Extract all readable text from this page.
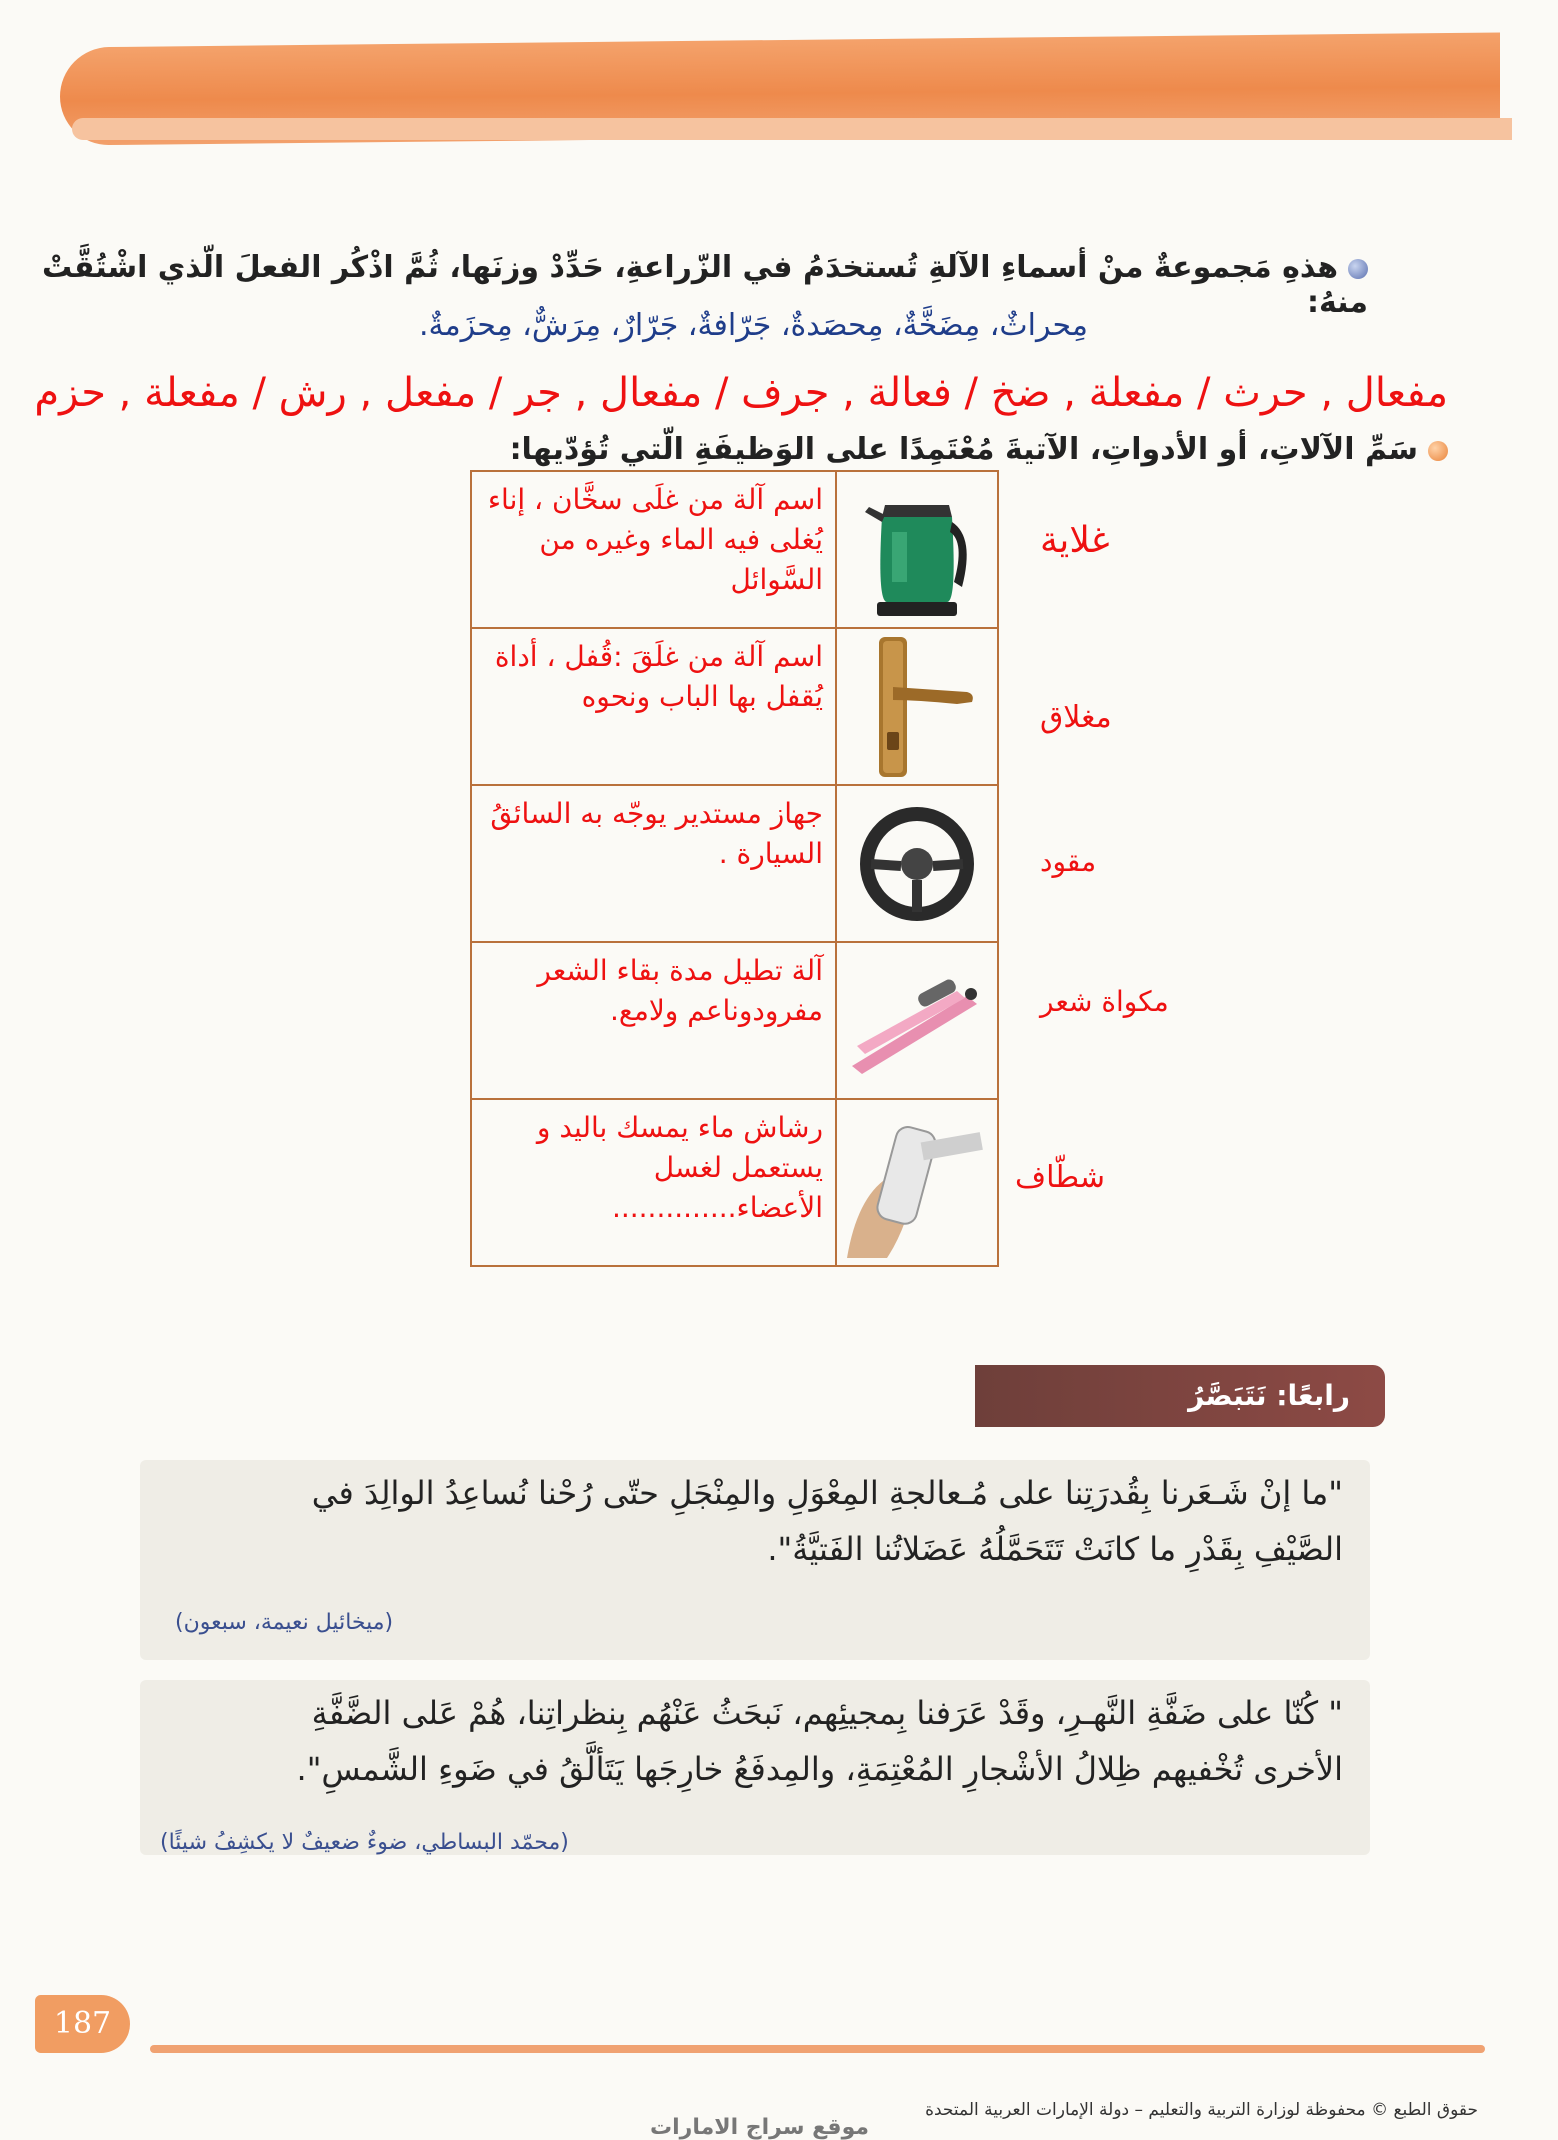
هذهِ مَجموعةٌ منْ أسماءِ الآلةِ تُستخدَمُ في الزّراعةِ، حَدِّدْ وزنَها، ثُمَّ اذْكُر الفعلَ الّذي اشْتُقَّتْ منهُ:
مِحراثٌ، مِضَخَّةٌ، مِحصَدةٌ، جَرّافةٌ، جَرّارٌ، مِرَشٌّ، مِحزَمةٌ.
مفعال , حرث / مفعلة , ضخ / فعالة , جرف / مفعال , جر / مفعل , رش / مفعلة , حزم
سَمِّ الآلاتِ، أو الأدواتِ، الآتيةَ مُعْتَمِدًا على الوَظيفَةِ الّتي تُؤدّيها:
اسم آلة من غلَى سخَّان ، إناء يُغلى فيه الماء وغيره من السَّوائل
اسم آلة من غلَقَ :قُفل ، أداة يُقفل بها الباب ونحوه
جهاز مستدير يوجّه به السائقُ السيارة .
آلة تطيل مدة بقاء الشعر مفرودوناعم ولامع.
رشاش ماء يمسك باليد و يستعمل لغسل الأعضاء..............
غلاية
مغلاق
مقود
مكواة شعر
شطّاف
رابعًا: نَتَبَصَّرُ
"ما إنْ شَـعَرنا بِقُدرَتِنا على مُـعالجةِ المِعْوَلِ والمِنْجَلِ حتّى رُحْنا نُساعِدُ الوالِدَ في الصَّيْفِ بِقَدْرِ ما كانَتْ تَتَحَمَّلُهُ عَضَلاتُنا الفَتيَّةُ".
(ميخائيل نعيمة، سبعون)
" كُنّا على ضَفَّةِ النَّهـرِ، وقَدْ عَرَفنا بِمجيئِهم، نَبحَثُ عَنْهُم بِنظراتِنا، هُمْ عَلى الضَّفَّةِ الأخرى تُخْفيهم ظِلالُ الأشْجارِ المُعْتِمَةِ، والمِدفَعُ خارِجَها يَتَألَّقُ في ضَوءِ الشَّمسِ".
(محمّد البساطي، ضوءٌ ضعيفٌ لا يكشِفُ شيئًا)
187
حقوق الطبع © محفوظة لوزارة التربية والتعليم – دولة الإمارات العربية المتحدة
موقع سراج الامارات
